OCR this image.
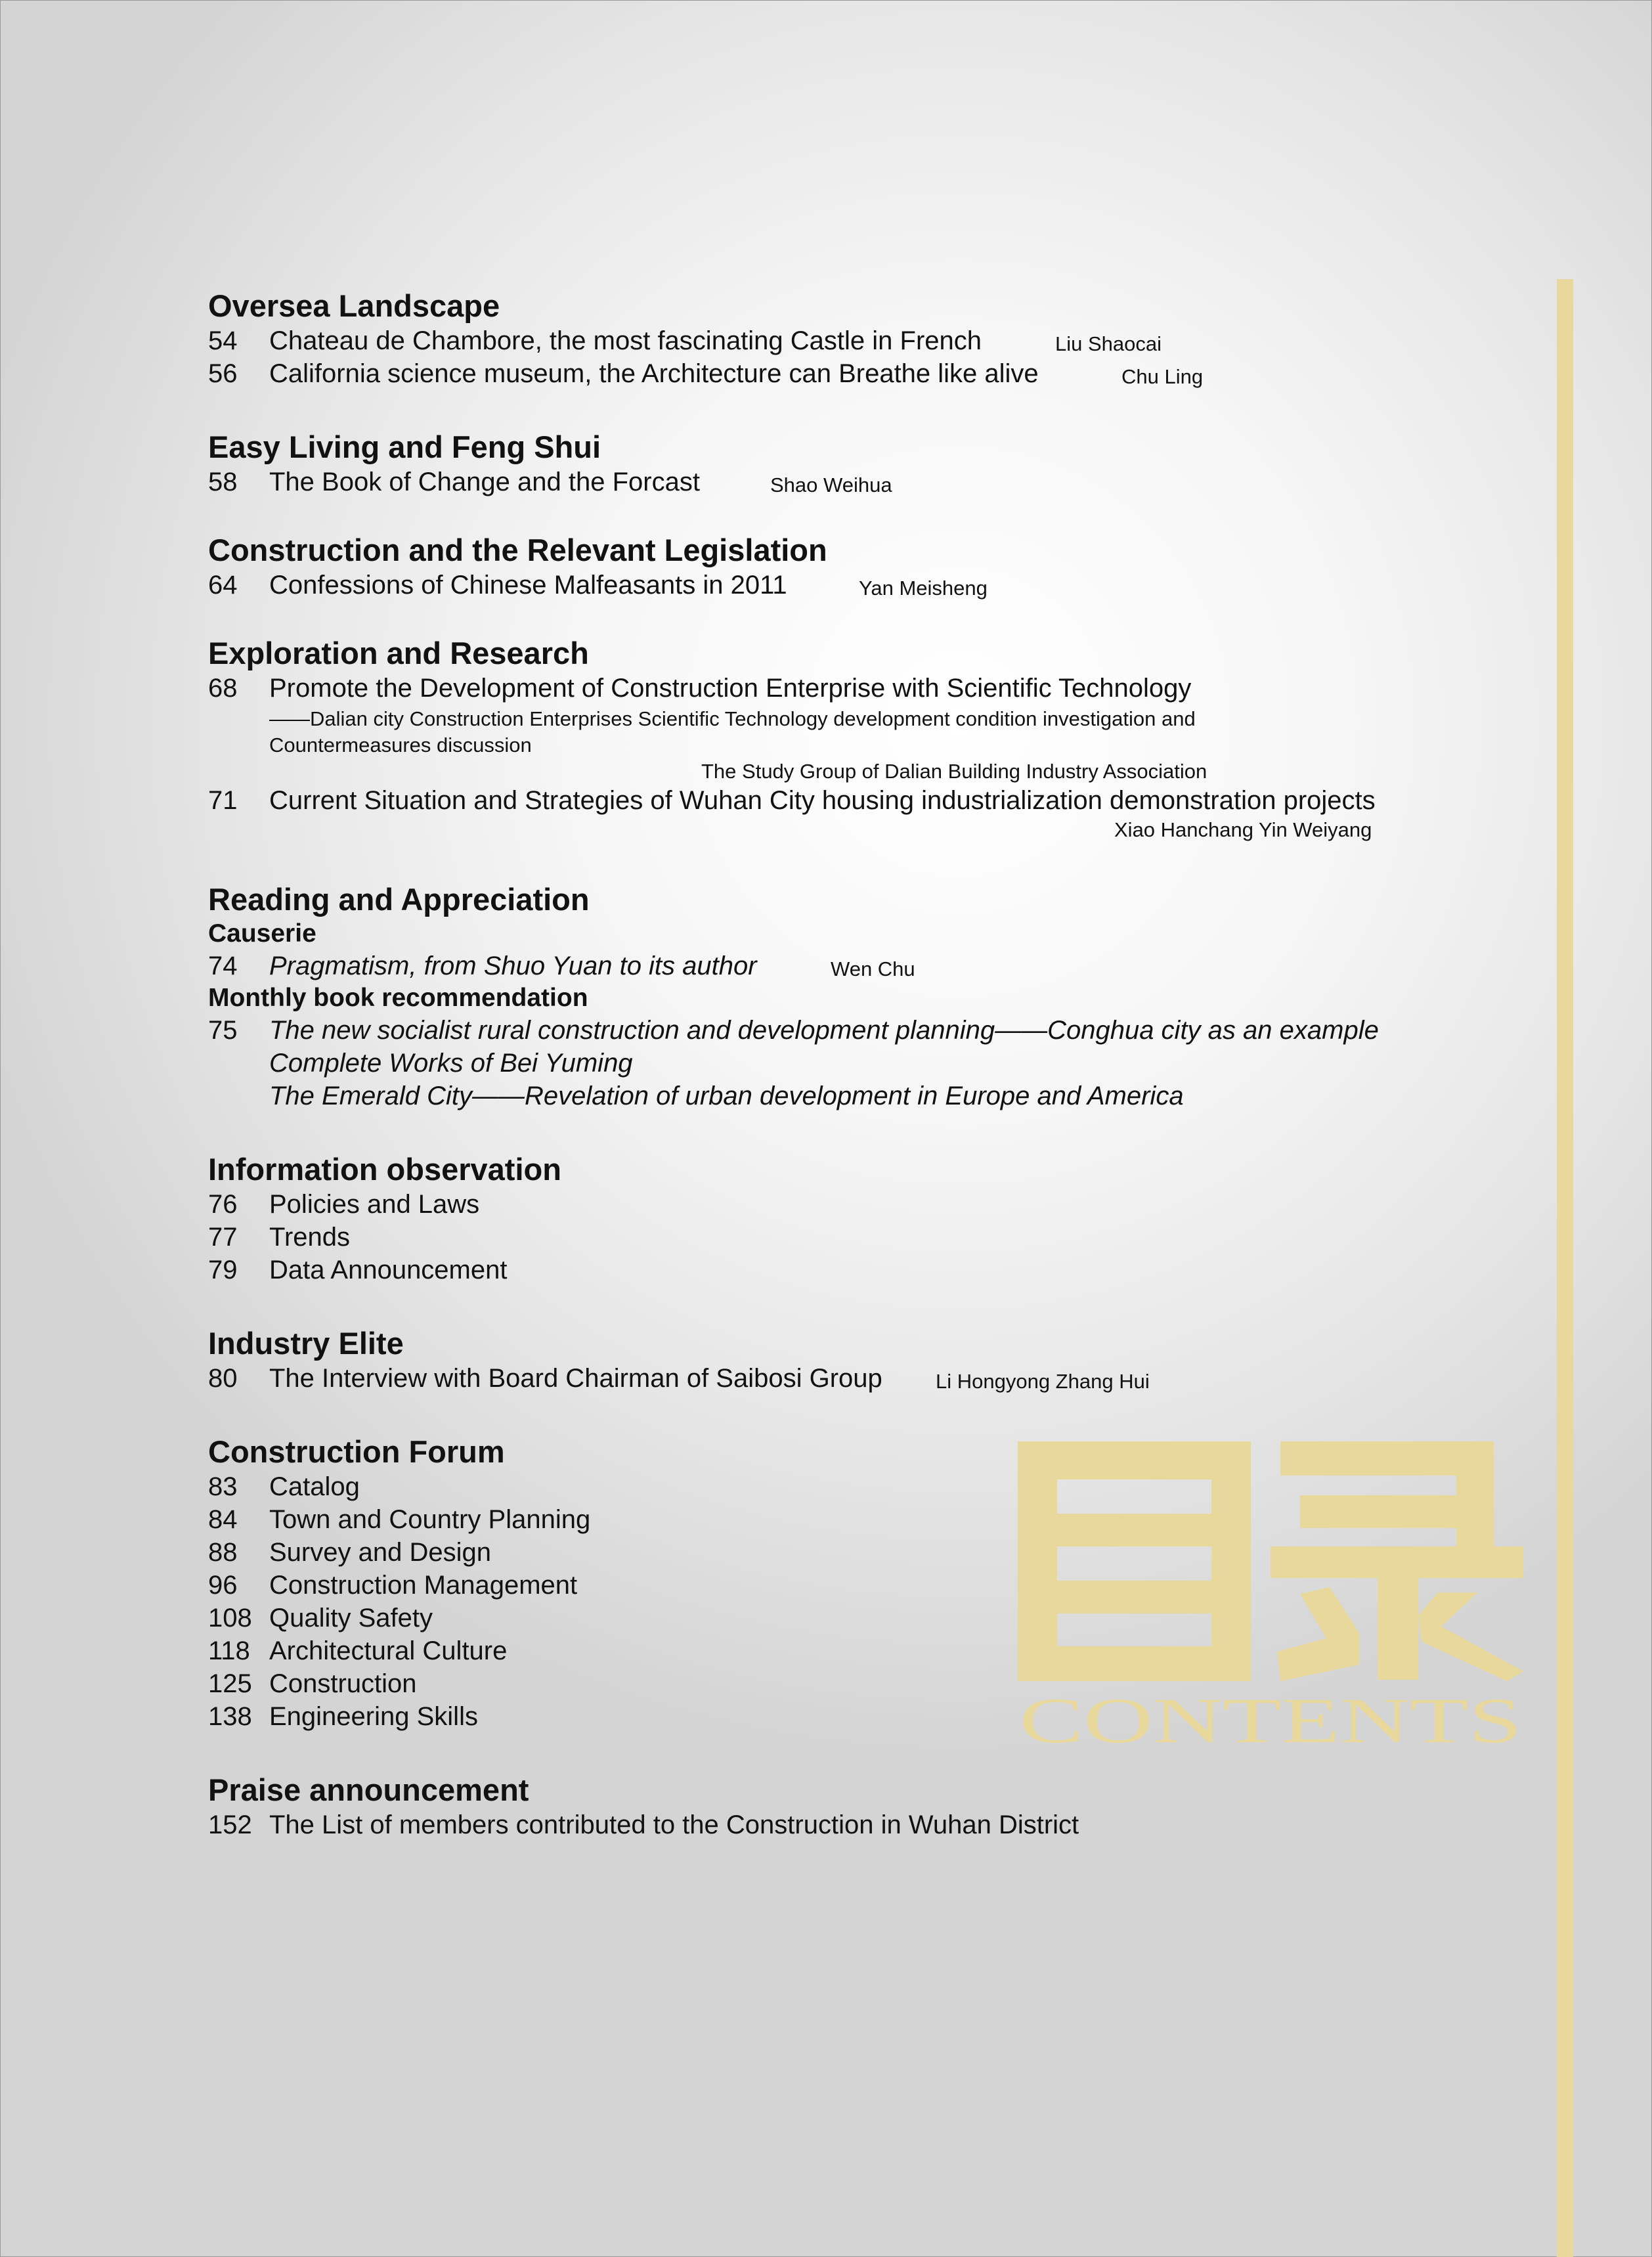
Oversea Landscape
54 Chateau de Chambore, the most fascinating Castle in French	Liu Shaocai
56 California science museum, the Architecture can Breathe like alive	Chu Ling
Easy Living and Feng Shui
58 The Book of Change and the Forcast	Shao Weihua
Construction and the Relevant Legislation
64 Confessions of Chinese Malfeasants in 2011	Yan Meisheng
Exploration and Research
68 Promote the Development of Construction Enterprise with Scientific Technology
——Dalian city Construction Enterprises Scientific Technology development condition investigation and
Countermeasures discussion
The Study Group of Dalian Building Industry Association
71 Current Situation and Strategies of Wuhan City housing industrialization demonstration projects
Xiao Hanchang Yin Weiyang
Reading and Appreciation
Causerie
74 Pragmatism, from Shuo Yuan to its author	Wen Chu
Monthly book recommendation
75 The new socialist rural construction and development planning——Conghua city as an example
Complete Works of Bei Yuming
The Emerald City——Revelation of urban development in Europe and America
Information observation
76 Policies and Laws
77 Trends
79 Data Announcement
Industry Elite
80 The Interview with Board Chairman of Saibosi Group	Li Hongyong Zhang Hui
Construction Forum
83 Catalog
84 Town and Country Planning
88 Survey and Design
96 Construction Management
108 Quality Safety
118 Architectural Culture
125 Construction
138 Engineering Skills
Praise announcement
152 The List of members contributed to the Construction in Wuhan District
CONTENTS
